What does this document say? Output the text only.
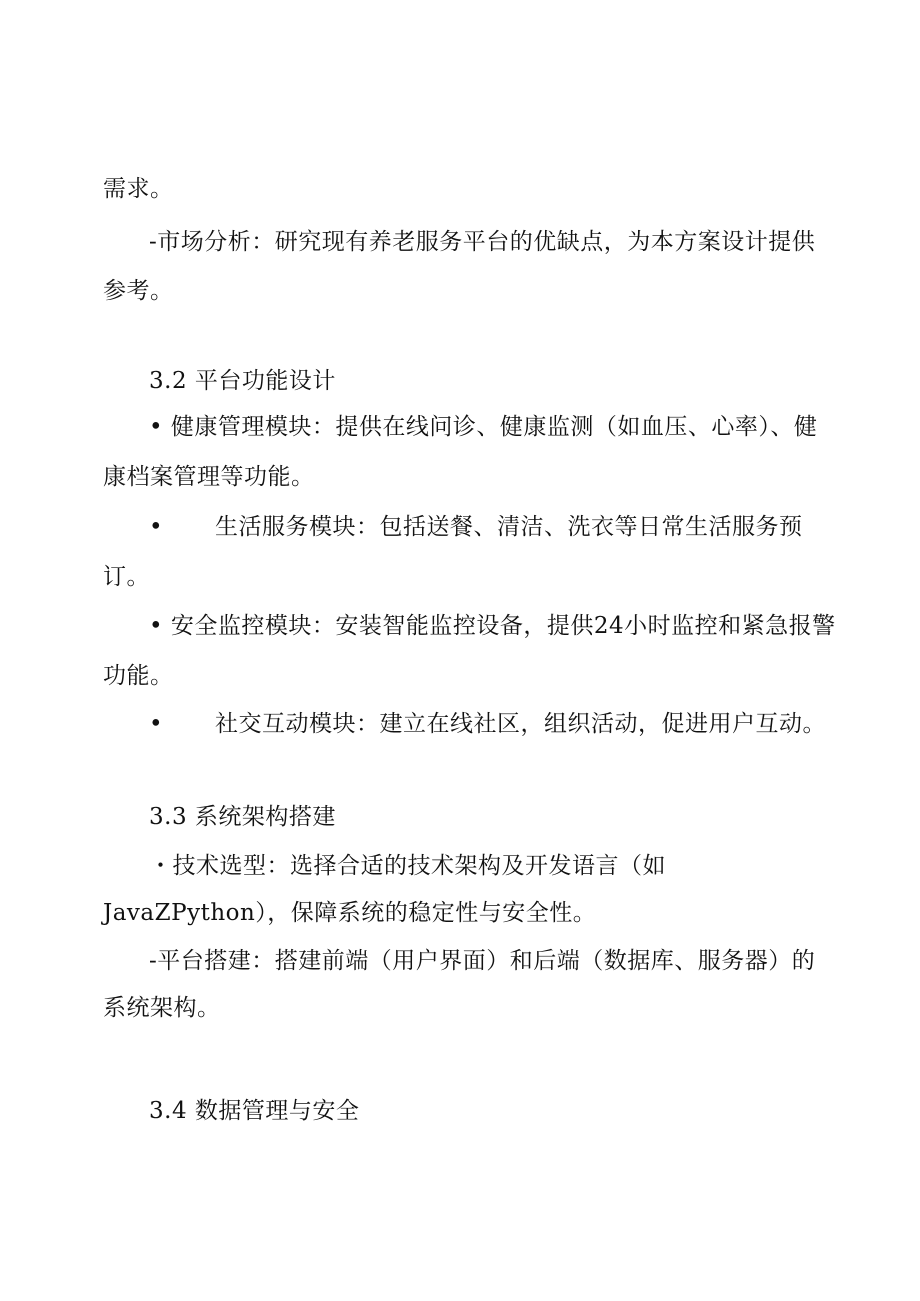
需求。
-市场分析：研究现有养老服务平台的优缺点，为本方案设计提供
参考。
3.2 平台功能设计
• 健康管理模块：提供在线问诊、健康监测（如血压、心率）、健
康档案管理等功能。
• 生活服务模块：包括送餐、清洁、洗衣等日常生活服务预
订。
• 安全监控模块：安装智能监控设备，提供24小时监控和紧急报警
功能。
• 社交互动模块：建立在线社区，组织活动，促进用户互动。
3.3 系统架构搭建
・技术选型：选择合适的技术架构及开发语言（如
JavaZPython），保障系统的稳定性与安全性。
-平台搭建：搭建前端（用户界面）和后端（数据库、服务器）的
系统架构。
3.4 数据管理与安全
